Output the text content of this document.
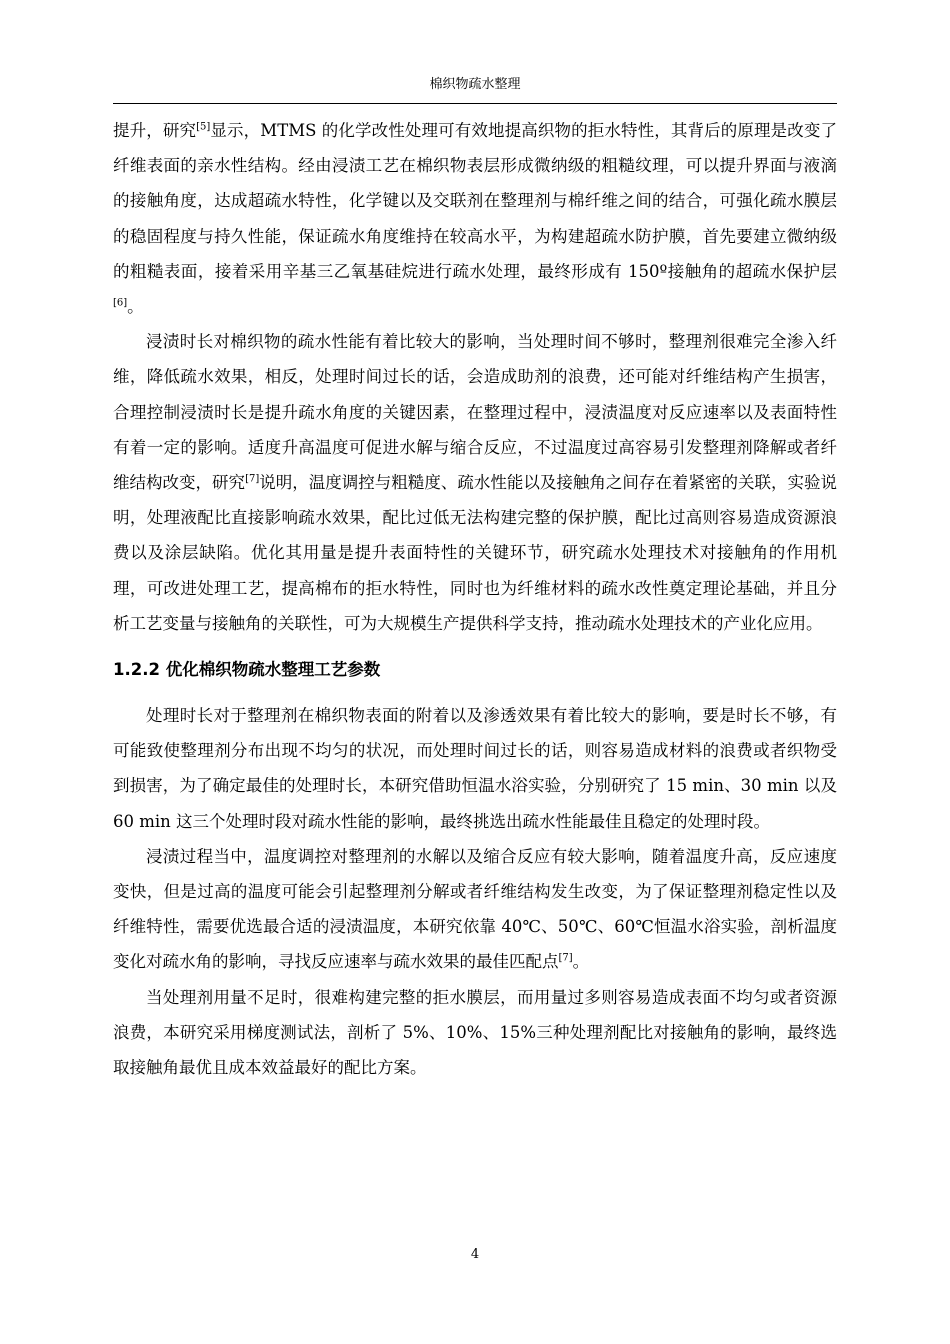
棉织物疏水整理

提升，研究[5]显示，MTMS 的化学改性处理可有效地提高织物的拒水特性，其背后的原理是改变了纤维表面的亲水性结构。经由浸渍工艺在棉织物表层形成微纳级的粗糙纹理，可以提升界面与液滴的接触角度，达成超疏水特性，化学键以及交联剂在整理剂与棉纤维之间的结合，可强化疏水膜层的稳固程度与持久性能，保证疏水角度维持在较高水平，为构建超疏水防护膜，首先要建立微纳级的粗糙表面，接着采用辛基三乙氧基硅烷进行疏水处理，最终形成有 150º接触角的超疏水保护层[6]。

浸渍时长对棉织物的疏水性能有着比较大的影响，当处理时间不够时，整理剂很难完全渗入纤维，降低疏水效果，相反，处理时间过长的话，会造成助剂的浪费，还可能对纤维结构产生损害，合理控制浸渍时长是提升疏水角度的关键因素，在整理过程中，浸渍温度对反应速率以及表面特性有着一定的影响。适度升高温度可促进水解与缩合反应，不过温度过高容易引发整理剂降解或者纤维结构改变，研究[7]说明，温度调控与粗糙度、疏水性能以及接触角之间存在着紧密的关联，实验说明，处理液配比直接影响疏水效果，配比过低无法构建完整的保护膜，配比过高则容易造成资源浪费以及涂层缺陷。优化其用量是提升表面特性的关键环节，研究疏水处理技术对接触角的作用机理，可改进处理工艺，提高棉布的拒水特性，同时也为纤维材料的疏水改性奠定理论基础，并且分析工艺变量与接触角的关联性，可为大规模生产提供科学支持，推动疏水处理技术的产业化应用。

1.2.2 优化棉织物疏水整理工艺参数

处理时长对于整理剂在棉织物表面的附着以及渗透效果有着比较大的影响，要是时长不够，有可能致使整理剂分布出现不均匀的状况，而处理时间过长的话，则容易造成材料的浪费或者织物受到损害，为了确定最佳的处理时长，本研究借助恒温水浴实验，分别研究了 15 min、30 min 以及 60 min 这三个处理时段对疏水性能的影响，最终挑选出疏水性能最佳且稳定的处理时段。

浸渍过程当中，温度调控对整理剂的水解以及缩合反应有较大影响，随着温度升高，反应速度变快，但是过高的温度可能会引起整理剂分解或者纤维结构发生改变，为了保证整理剂稳定性以及纤维特性，需要优选最合适的浸渍温度，本研究依靠 40℃、50℃、60℃恒温水浴实验，剖析温度变化对疏水角的影响，寻找反应速率与疏水效果的最佳匹配点[7]。

当处理剂用量不足时，很难构建完整的拒水膜层，而用量过多则容易造成表面不均匀或者资源浪费，本研究采用梯度测试法，剖析了 5%、10%、15%三种处理剂配比对接触角的影响，最终选取接触角最优且成本效益最好的配比方案。

4
